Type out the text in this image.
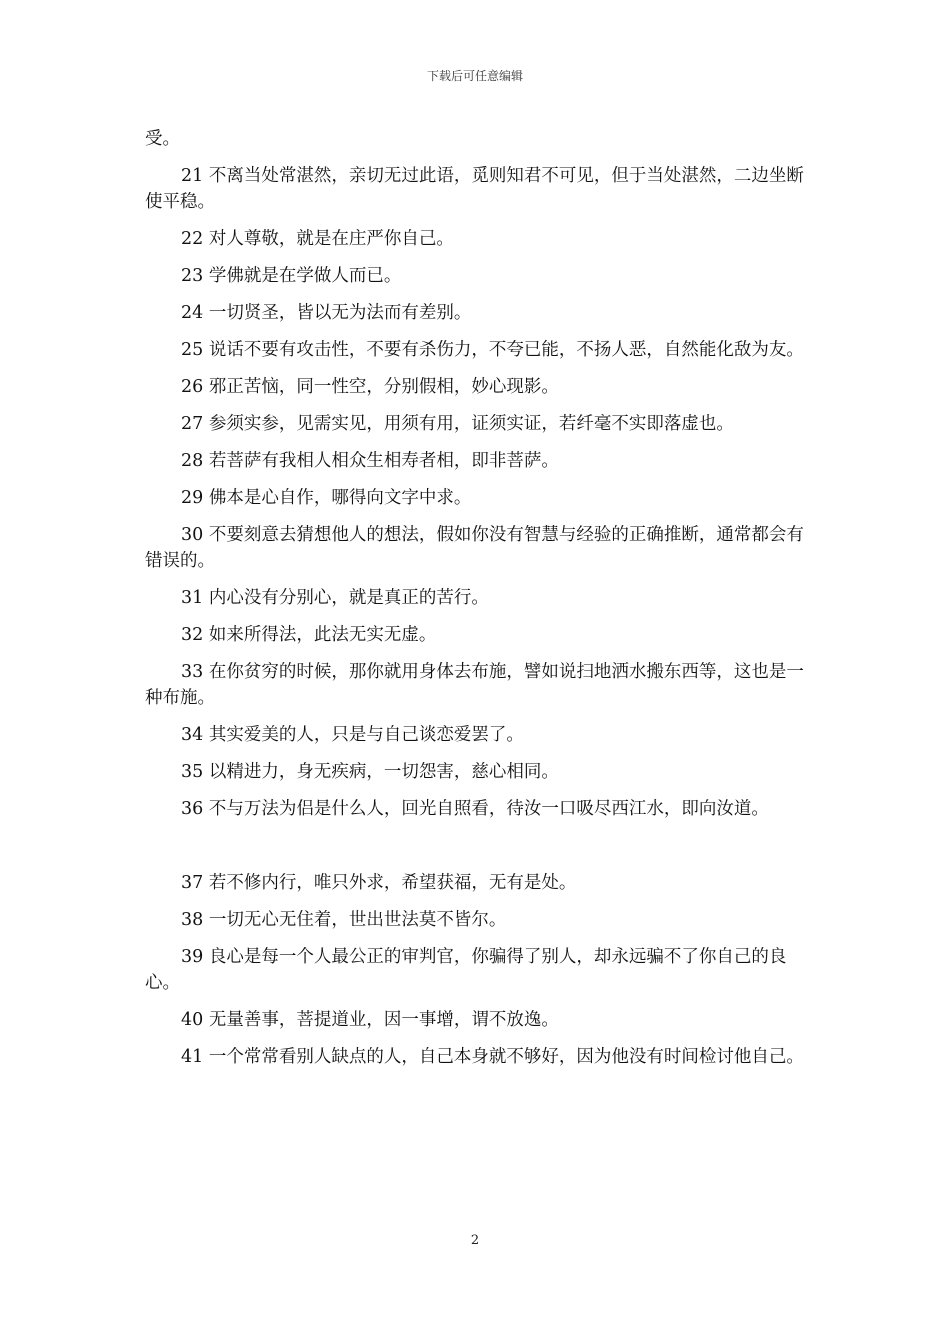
下载后可任意编辑

受。

21 不离当处常湛然，亲切无过此语，觅则知君不可见，但于当处湛然，二边坐断使平稳。

22 对人尊敬，就是在庄严你自己。

23 学佛就是在学做人而已。

24 一切贤圣，皆以无为法而有差别。

25 说话不要有攻击性，不要有杀伤力，不夸已能，不扬人恶，自然能化敌为友。

26 邪正苦恼，同一性空，分别假相，妙心现影。

27 参须实参，见需实见，用须有用，证须实证，若纤毫不实即落虚也。

28 若菩萨有我相人相众生相寿者相，即非菩萨。

29 佛本是心自作，哪得向文字中求。

30 不要刻意去猜想他人的想法，假如你没有智慧与经验的正确推断，通常都会有错误的。

31 内心没有分别心，就是真正的苦行。

32 如来所得法，此法无实无虚。

33 在你贫穷的时候，那你就用身体去布施，譬如说扫地洒水搬东西等，这也是一种布施。

34 其实爱美的人，只是与自己谈恋爱罢了。

35 以精进力，身无疾病，一切怨害，慈心相同。

36 不与万法为侣是什么人，回光自照看，待汝一口吸尽西江水，即向汝道。

37 若不修内行，唯只外求，希望获福，无有是处。

38 一切无心无住着，世出世法莫不皆尔。

39 良心是每一个人最公正的审判官，你骗得了别人，却永远骗不了你自己的良心。

40 无量善事，菩提道业，因一事增，谓不放逸。

41 一个常常看别人缺点的人，自己本身就不够好，因为他没有时间检讨他自己。

2
